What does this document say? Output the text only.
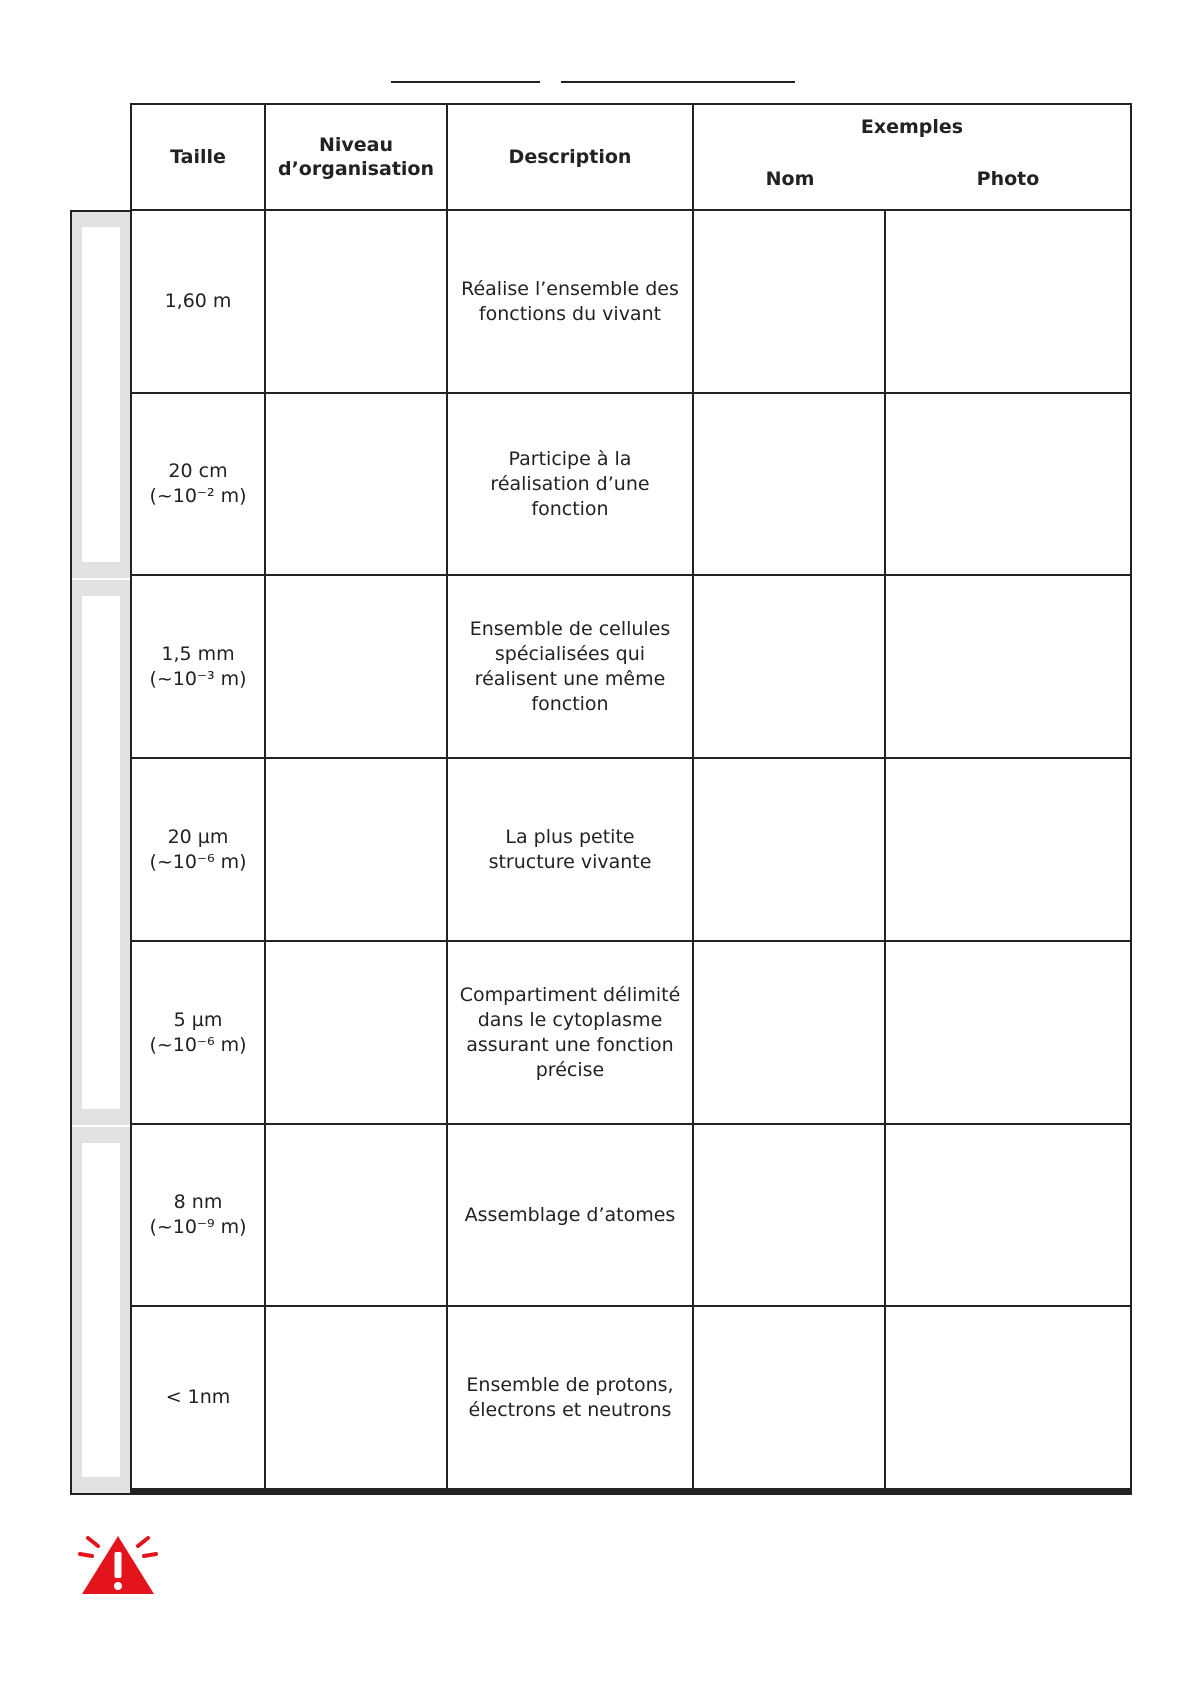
Taille
Niveau
d’organisation
Description

Exemples

Nom	Photo

1,60 m
Réalise l’ensemble des
fonctions du vivant
20 cm
(~10⁻² m)
Participe à la
réalisation d’une
fonction
1,5 mm
(~10⁻³ m)
Ensemble de cellules
spécialisées qui
réalisent une même
fonction
20 µm
(~10⁻⁶ m)
La plus petite
structure vivante
5 µm
(~10⁻⁶ m)
Compartiment délimité
dans le cytoplasme
assurant une fonction
précise
8 nm
(~10⁻⁹ m)
Assemblage d’atomes
< 1nm
Ensemble de protons,
électrons et neutrons
